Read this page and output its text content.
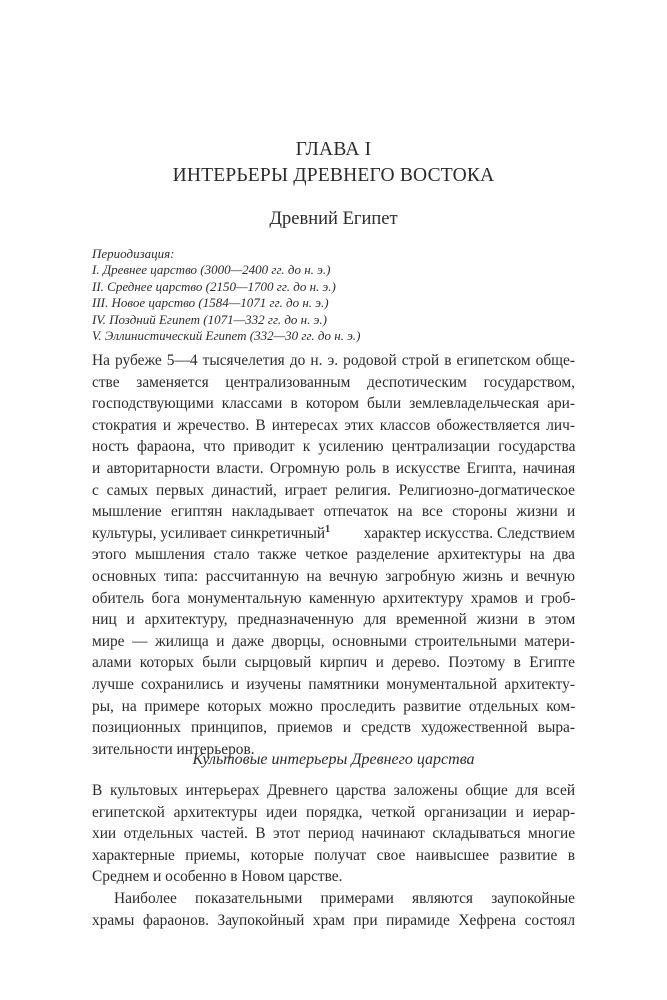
ГЛАВА I
ИНТЕРЬЕРЫ ДРЕВНЕГО ВОСТОКА
Древний Египет
Периодизация:
I. Древнее царство (3000—2400 гг. до н. э.)
II. Среднее царство (2150—1700 гг. до н. э.)
III. Новое царство (1584—1071 гг. до н. э.)
IV. Поздний Египет (1071—332 гг. до н. э.)
V. Эллинистический Египет (332—30 гг. до н. э.)
На рубеже 5—4 тысячелетия до н. э. родовой строй в египетском обще-
стве заменяется централизованным деспотическим государством,
господствующими классами в котором были землевладельческая ари-
стократия и жречество. В интересах этих классов обожествляется лич-
ность фараона, что приводит к усилению централизации государства
и авторитарности власти. Огромную роль в искусстве Египта, начиная
с самых первых династий, играет религия. Религиозно-догматическое
мышление египтян накладывает отпечаток на все стороны жизни и
культуры, усиливает синкретичный$^1$ характер искусства. Следствием
этого мышления стало также четкое разделение архитектуры на два
основных типа: рассчитанную на вечную загробную жизнь и вечную
обитель бога монументальную каменную архитектуру храмов и гроб-
ниц и архитектуру, предназначенную для временной жизни в этом
мире — жилища и даже дворцы, основными строительными матери-
алами которых были сырцовый кирпич и дерево. Поэтому в Египте
лучше сохранились и изучены памятники монументальной архитекту-
ры, на примере которых можно проследить развитие отдельных ком-
позиционных принципов, приемов и средств художественной выра-
зительности интерьеров.
Культовые интерьеры Древнего царства
В культовых интерьерах Древнего царства заложены общие для всей
египетской архитектуры идеи порядка, четкой организации и иерар-
хии отдельных частей. В этот период начинают складываться многие
характерные приемы, которые получат свое наивысшее развитие в
Среднем и особенно в Новом царстве.
Наиболее показательными примерами являются заупокойные
храмы фараонов. Заупокойный храм при пирамиде Хефрена состоял
